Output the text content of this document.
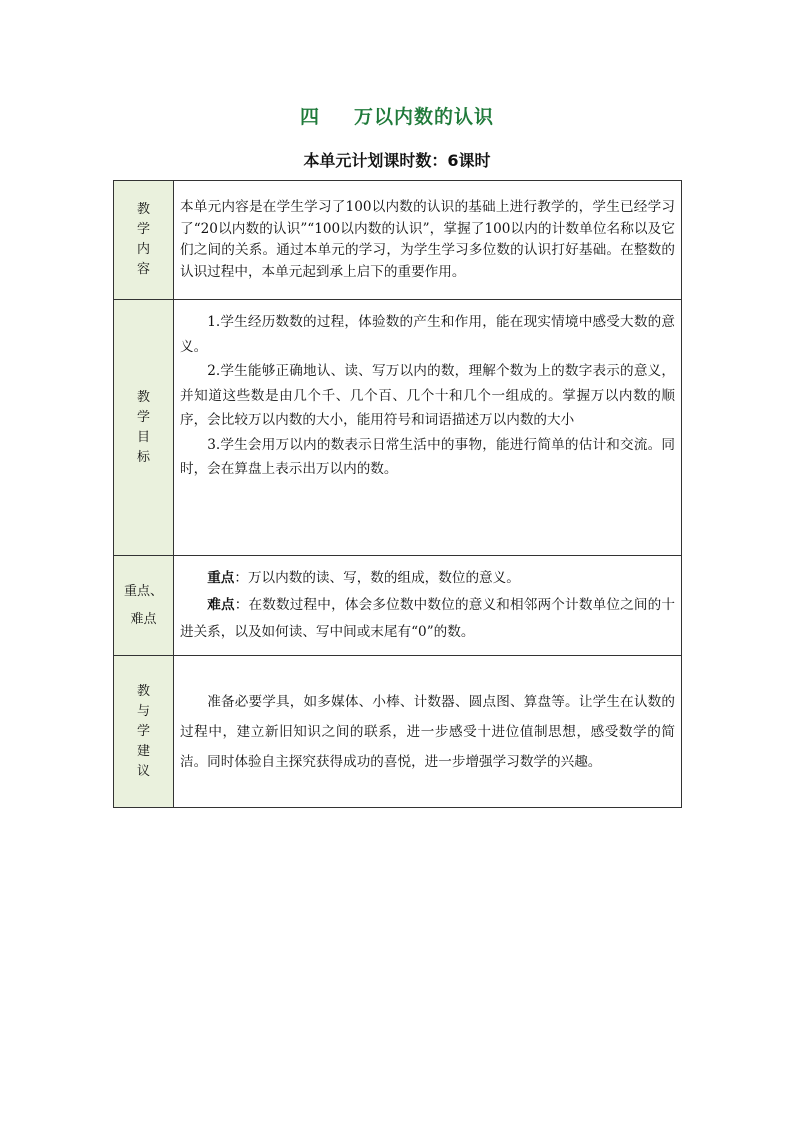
四 万以内数的认识
本单元计划课时数：6课时
教学内容	本单元内容是在学生学习了100以内数的认识的基础上进行教学的，学生已经学习了“20以内数的认识”“100以内数的认识”，掌握了100以内的计数单位名称以及它们之间的关系。通过本单元的学习，为学生学习多位数的认识打好基础。在整数的认识过程中，本单元起到承上启下的重要作用。

教学目标	1.学生经历数数的过程，体验数的产生和作用，能在现实情境中感受大数的意义。

2.学生能够正确地认、读、写万以内的数，理解个数为上的数字表示的意义，并知道这些数是由几个千、几个百、几个十和几个一组成的。掌握万以内数的顺序，会比较万以内数的大小，能用符号和词语描述万以内数的大小

3.学生会用万以内的数表示日常生活中的事物，能进行简单的估计和交流。同时，会在算盘上表示出万以内的数。

重点、难点	重点：万以内数的读、写，数的组成，数位的意义。

难点：在数数过程中，体会多位数中数位的意义和相邻两个计数单位之间的十进关系，以及如何读、写中间或末尾有“0”的数。

教与学建议	准备必要学具，如多媒体、小棒、计数器、圆点图、算盘等。让学生在认数的过程中，建立新旧知识之间的联系，进一步感受十进位值制思想，感受数学的简洁。同时体验自主探究获得成功的喜悦，进一步增强学习数学的兴趣。
